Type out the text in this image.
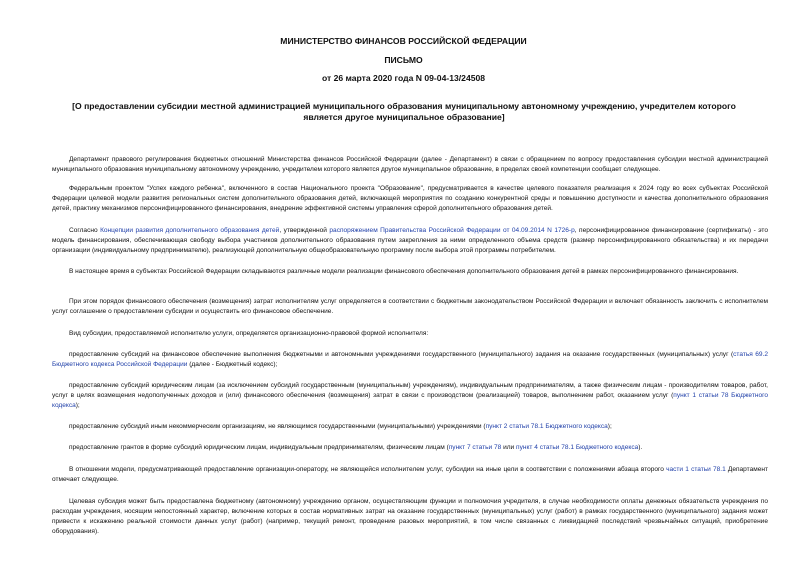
МИНИСТЕРСТВО ФИНАНСОВ РОССИЙСКОЙ ФЕДЕРАЦИИ
ПИСЬМО
от 26 марта 2020 года N 09-04-13/24508
[О предоставлении субсидии местной администрацией муниципального образования муниципальному автономному учреждению, учредителем которого является другое муниципальное образование]

Департамент правового регулирования бюджетных отношений Министерства финансов Российской Федерации (далее - Департамент) в связи с обращением по вопросу предоставления субсидии местной администрацией муниципального образования муниципальному автономному учреждению, учредителем которого является другое муниципальное образование, в пределах своей компетенции сообщает следующее.

Федеральным проектом "Успех каждого ребенка", включенного в состав Национального проекта "Образование", предусматривается в качестве целевого показателя реализация к 2024 году во всех субъектах Российской Федерации целевой модели развития региональных систем дополнительного образования детей, включающей мероприятия по созданию конкурентной среды и повышению доступности и качества дополнительного образования детей, практику механизмов персонифицированного финансирования, внедрение эффективной системы управления сферой дополнительного образования детей.

Согласно Концепции развития дополнительного образования детей, утвержденной распоряжением Правительства Российской Федерации от 04.09.2014 N 1726-р, персонифицированное финансирование (сертификаты) - это модель финансирования, обеспечивающая свободу выбора участников дополнительного образования путем закрепления за ними определенного объема средств (размер персонифицированного обязательства) и их передачи организации (индивидуальному предпринимателю), реализующей дополнительную общеобразовательную программу после выбора этой программы потребителем.

В настоящее время в субъектах Российской Федерации складываются различные модели реализации финансового обеспечения дополнительного образования детей в рамках персонифицированного финансирования.

При этом порядок финансового обеспечения (возмещения) затрат исполнителям услуг определяется в соответствии с бюджетным законодательством Российской Федерации и включает обязанность заключить с исполнителем услуг соглашение о предоставлении субсидии и осуществить его финансовое обеспечение.

Вид субсидии, предоставляемой исполнителю услуги, определяется организационно-правовой формой исполнителя:

предоставление субсидий на финансовое обеспечение выполнения бюджетными и автономными учреждениями государственного (муниципального) задания на оказание государственных (муниципальных) услуг (статья 69.2 Бюджетного кодекса Российской Федерации (далее - Бюджетный кодекс);

предоставление субсидий юридическим лицам (за исключением субсидий государственным (муниципальным) учреждениям), индивидуальным предпринимателям, а также физическим лицам - производителям товаров, работ, услуг в целях возмещения недополученных доходов и (или) финансового обеспечения (возмещения) затрат в связи с производством (реализацией) товаров, выполнением работ, оказанием услуг (пункт 1 статьи 78 Бюджетного кодекса);

предоставление субсидий иным некоммерческим организациям, не являющимся государственными (муниципальными) учреждениями (пункт 2 статьи 78.1 Бюджетного кодекса);

предоставление грантов в форме субсидий юридическим лицам, индивидуальным предпринимателям, физическим лицам (пункт 7 статьи 78 или пункт 4 статьи 78.1 Бюджетного кодекса).

В отношении модели, предусматривающей предоставление организации-оператору, не являющейся исполнителем услуг, субсидии на иные цели в соответствии с положениями абзаца второго части 1 статьи 78.1 Департамент отмечает следующее.

Целевая субсидия может быть предоставлена бюджетному (автономному) учреждению органом, осуществляющим функции и полномочия учредителя, в случае необходимости оплаты денежных обязательств учреждения по расходам учреждения, носящим непостоянный характер, включение которых в состав нормативных затрат на оказание государственных (муниципальных) услуг (работ) в рамках государственного (муниципального) задания может привести к искажению реальной стоимости данных услуг (работ) (например, текущий ремонт, проведение разовых мероприятий, в том числе связанных с ликвидацией последствий чрезвычайных ситуаций, приобретение оборудования).
